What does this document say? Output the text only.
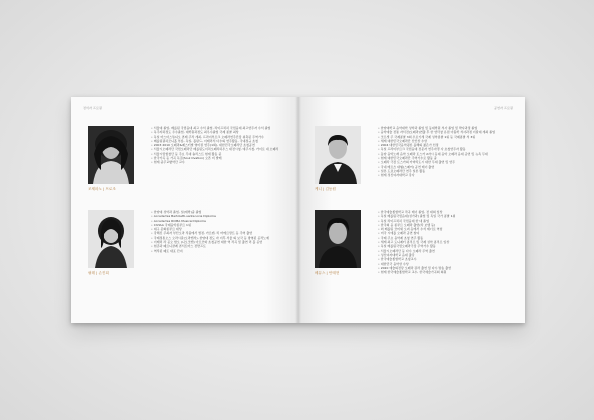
전석자 프로필
조제파노 | 프로조
• 서울대 졸업, 베를린 국립음대 최고 수석 졸업, 라이프치히 국립음대 최고연주자 수석 졸업
• 독주자과정도 우수졸업, 대학원과정도 최우수졸업 국제 콩쿨 최상
• 독일 마스터스튜디오 콘테 주작 개최, 프라이부르크 오페라연주단장 위촉된 주역가수
• 베를린필하모니홀 부름, 독일, 폴란드, 이태리서 다수의 연주활동, 국내정규 초청
• 2003 2010 오페라&페스티벌 영미권 연주(1회), 대한민국오페라단 초청공연
• 서울시오페라단 국립오페라단 베를린도이치오페라하우스 대전시청, 예주시청, 카이로 내 오페라
• 서울시립합창단 등 주요 무대 솔리스트 현재 활동 중
• 한국가곡 등 가곡 독집(Soul Ovation) 오픈 비 발매
• 현재 중주교향악단 교수
필레 | 손진희
• 한양대 성악과 졸업, 일(재학)중 졸업
• Accademia Bartoletti-santa Licia Diploma
• Accademia ROMA Musical Diploma
• CIVIAA 국제음악콩쿠르 1위
• 대구 문화콩쿠르 대상
• 강해진 주최자 부산오라 작품에서 썸정, 카르멘, 리 마에르캉트 등 주역 출연
• 국제정통오스 오라시갈(오라엔서), 한양대 정도 자 이후 서울 의 보국 등 방영된 공작노예
• 이태리 라 공오 합오 (니오코엔) 아르코와 초청공연 대한 역 작곡 및 출연 리 홀 공연
• 현존과 페르니클레 콘서트마스 전반프토
• 역작된 페토 대표 단지
공연자 프로필
케니 | 김동원
• 한양대학교 음악대학 성악과 졸업 및 동대학원 석사 졸업 및 박사과정 졸업
• 음악예술 전통 자서전(오페라)연출 후 한 연락창 유럽 아홉학 석사과정 이탈대 개최 졸업
• 코르셋 주 국제콩쿨 3회 우로기세 국제 성악콩쿨 1위 등 국제콩쿨 석 3위
• 세계 대한민국오페라단 신인상 수상
• 2004 대한민국음악평론 올해의 젊은가 선정
• 독일 프라이부르크 국립음대 전문자 연주자경 사 초청연주자 활동
• 동양 음악노래 음악 오페라 토스카 2자시 등대 음악 오페라 음대 공연 및 뉴욕 무대
• 현재 대한민국오페라단 주역가수로 활동 중
• 오페라 극장 토스카의 카바라도시 대한 무대 출연 및 연주
• 국내 메르츠 대형(스페어) 공연 테너 출연
• 일본 도쿄오페라단 연주 일본 활동
• 현재 성신여자대학교 강사
베뮤스 | 안태현
• 한국예술종합학교 작곡 테너 졸업, 전 대회 입상
• 독일 베를린국립음대(성가과) 졸업 및 독일 국가 콩쿨 1위
• 독일 라이프치히 국립음대 한 대 졸업
• 한국의 음 콩쿠르 오페라 출연(라 보엠 등)
• 외 베를린 코미셰 오퍼 등에서 수석 테너로 역임
• 미국 시애틀 오페라 공연 참여
• 국제 주요 음악제 초청 연주 활동
• 세계 최고 도니제티 콩쿠르 및 국제 성악 콩쿠르 입상
• 독일 베를린국립오페라극장 주역가수 활동
• 서울시오페라단 등 다수 오페라 주역 출연
• 성신여자대학교 음대 출강
• 한국예술종합학교 초빙교수
• 대한민국 음악상 수상
• 2020 예술의전당 오페라 갈라 출연 및 다수 방송 출연
• 현재 한국예술종합학교 교수, 한국예술가곡회 회원
